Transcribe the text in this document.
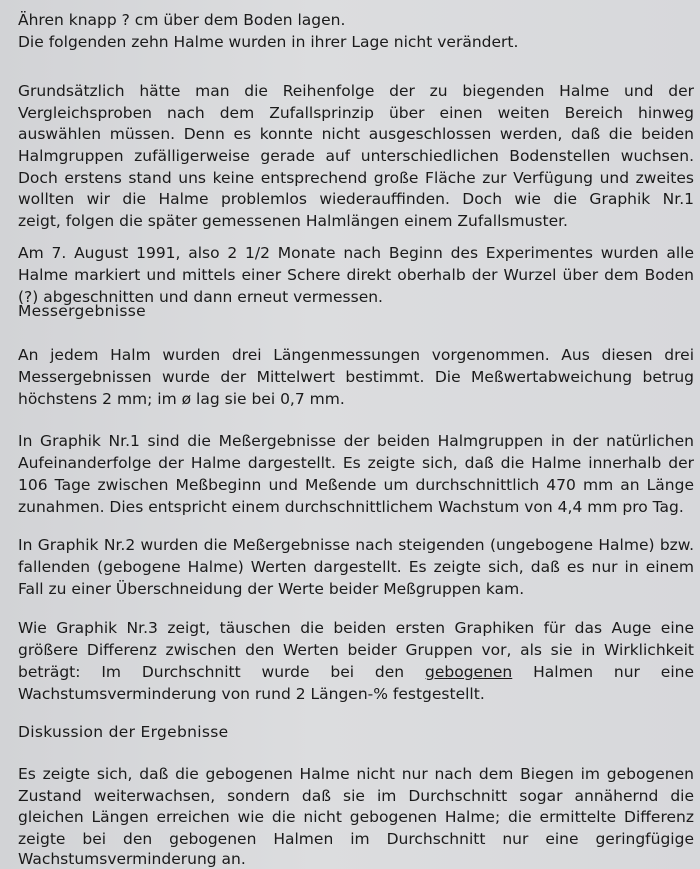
Ähren knapp ? cm über dem Boden lagen.
Die folgenden zehn Halme wurden in ihrer Lage nicht verändert.
Grundsätzlich hätte man die Reihenfolge der zu biegenden Halme und der
Vergleichsproben nach dem Zufallsprinzip über einen weiten Bereich hinweg
auswählen müssen. Denn es konnte nicht ausgeschlossen werden, daß die beiden
Halmgruppen zufälligerweise gerade auf unterschiedlichen Bodenstellen wuchsen.
Doch erstens stand uns keine entsprechend große Fläche zur Verfügung und zweites
wollten wir die Halme problemlos wiederauffinden. Doch wie die Graphik Nr.1
zeigt, folgen die später gemessenen Halmlängen einem Zufallsmuster.
Am 7. August 1991, also 2 1/2 Monate nach Beginn des Experimentes wurden alle
Halme markiert und mittels einer Schere direkt oberhalb der Wurzel über dem Boden
(?) abgeschnitten und dann erneut vermessen.
Messergebnisse
An jedem Halm wurden drei Längenmessungen vorgenommen. Aus diesen drei
Messergebnissen wurde der Mittelwert bestimmt. Die Meßwertabweichung betrug
höchstens 2 mm; im ø lag sie bei 0,7 mm.
In Graphik Nr.1 sind die Meßergebnisse der beiden Halmgruppen in der natürlichen
Aufeinanderfolge der Halme dargestellt. Es zeigte sich, daß die Halme innerhalb der
106 Tage zwischen Meßbeginn und Meßende um durchschnittlich 470 mm an Länge
zunahmen. Dies entspricht einem durchschnittlichem Wachstum von 4,4 mm pro Tag.
In Graphik Nr.2 wurden die Meßergebnisse nach steigenden (ungebogene Halme) bzw.
fallenden (gebogene Halme) Werten dargestellt. Es zeigte sich, daß es nur in einem
Fall zu einer Überschneidung der Werte beider Meßgruppen kam.
Wie Graphik Nr.3 zeigt, täuschen die beiden ersten Graphiken für das Auge eine
größere Differenz zwischen den Werten beider Gruppen vor, als sie in Wirklichkeit
beträgt: Im Durchschnitt wurde bei den gebogenen Halmen nur eine
Wachstumsverminderung von rund 2 Längen-% festgestellt.
Diskussion der Ergebnisse
Es zeigte sich, daß die gebogenen Halme nicht nur nach dem Biegen im gebogenen
Zustand weiterwachsen, sondern daß sie im Durchschnitt sogar annähernd die
gleichen Längen erreichen wie die nicht gebogenen Halme; die ermittelte Differenz
zeigte bei den gebogenen Halmen im Durchschnitt nur eine geringfügige
Wachstumsverminderung an.
